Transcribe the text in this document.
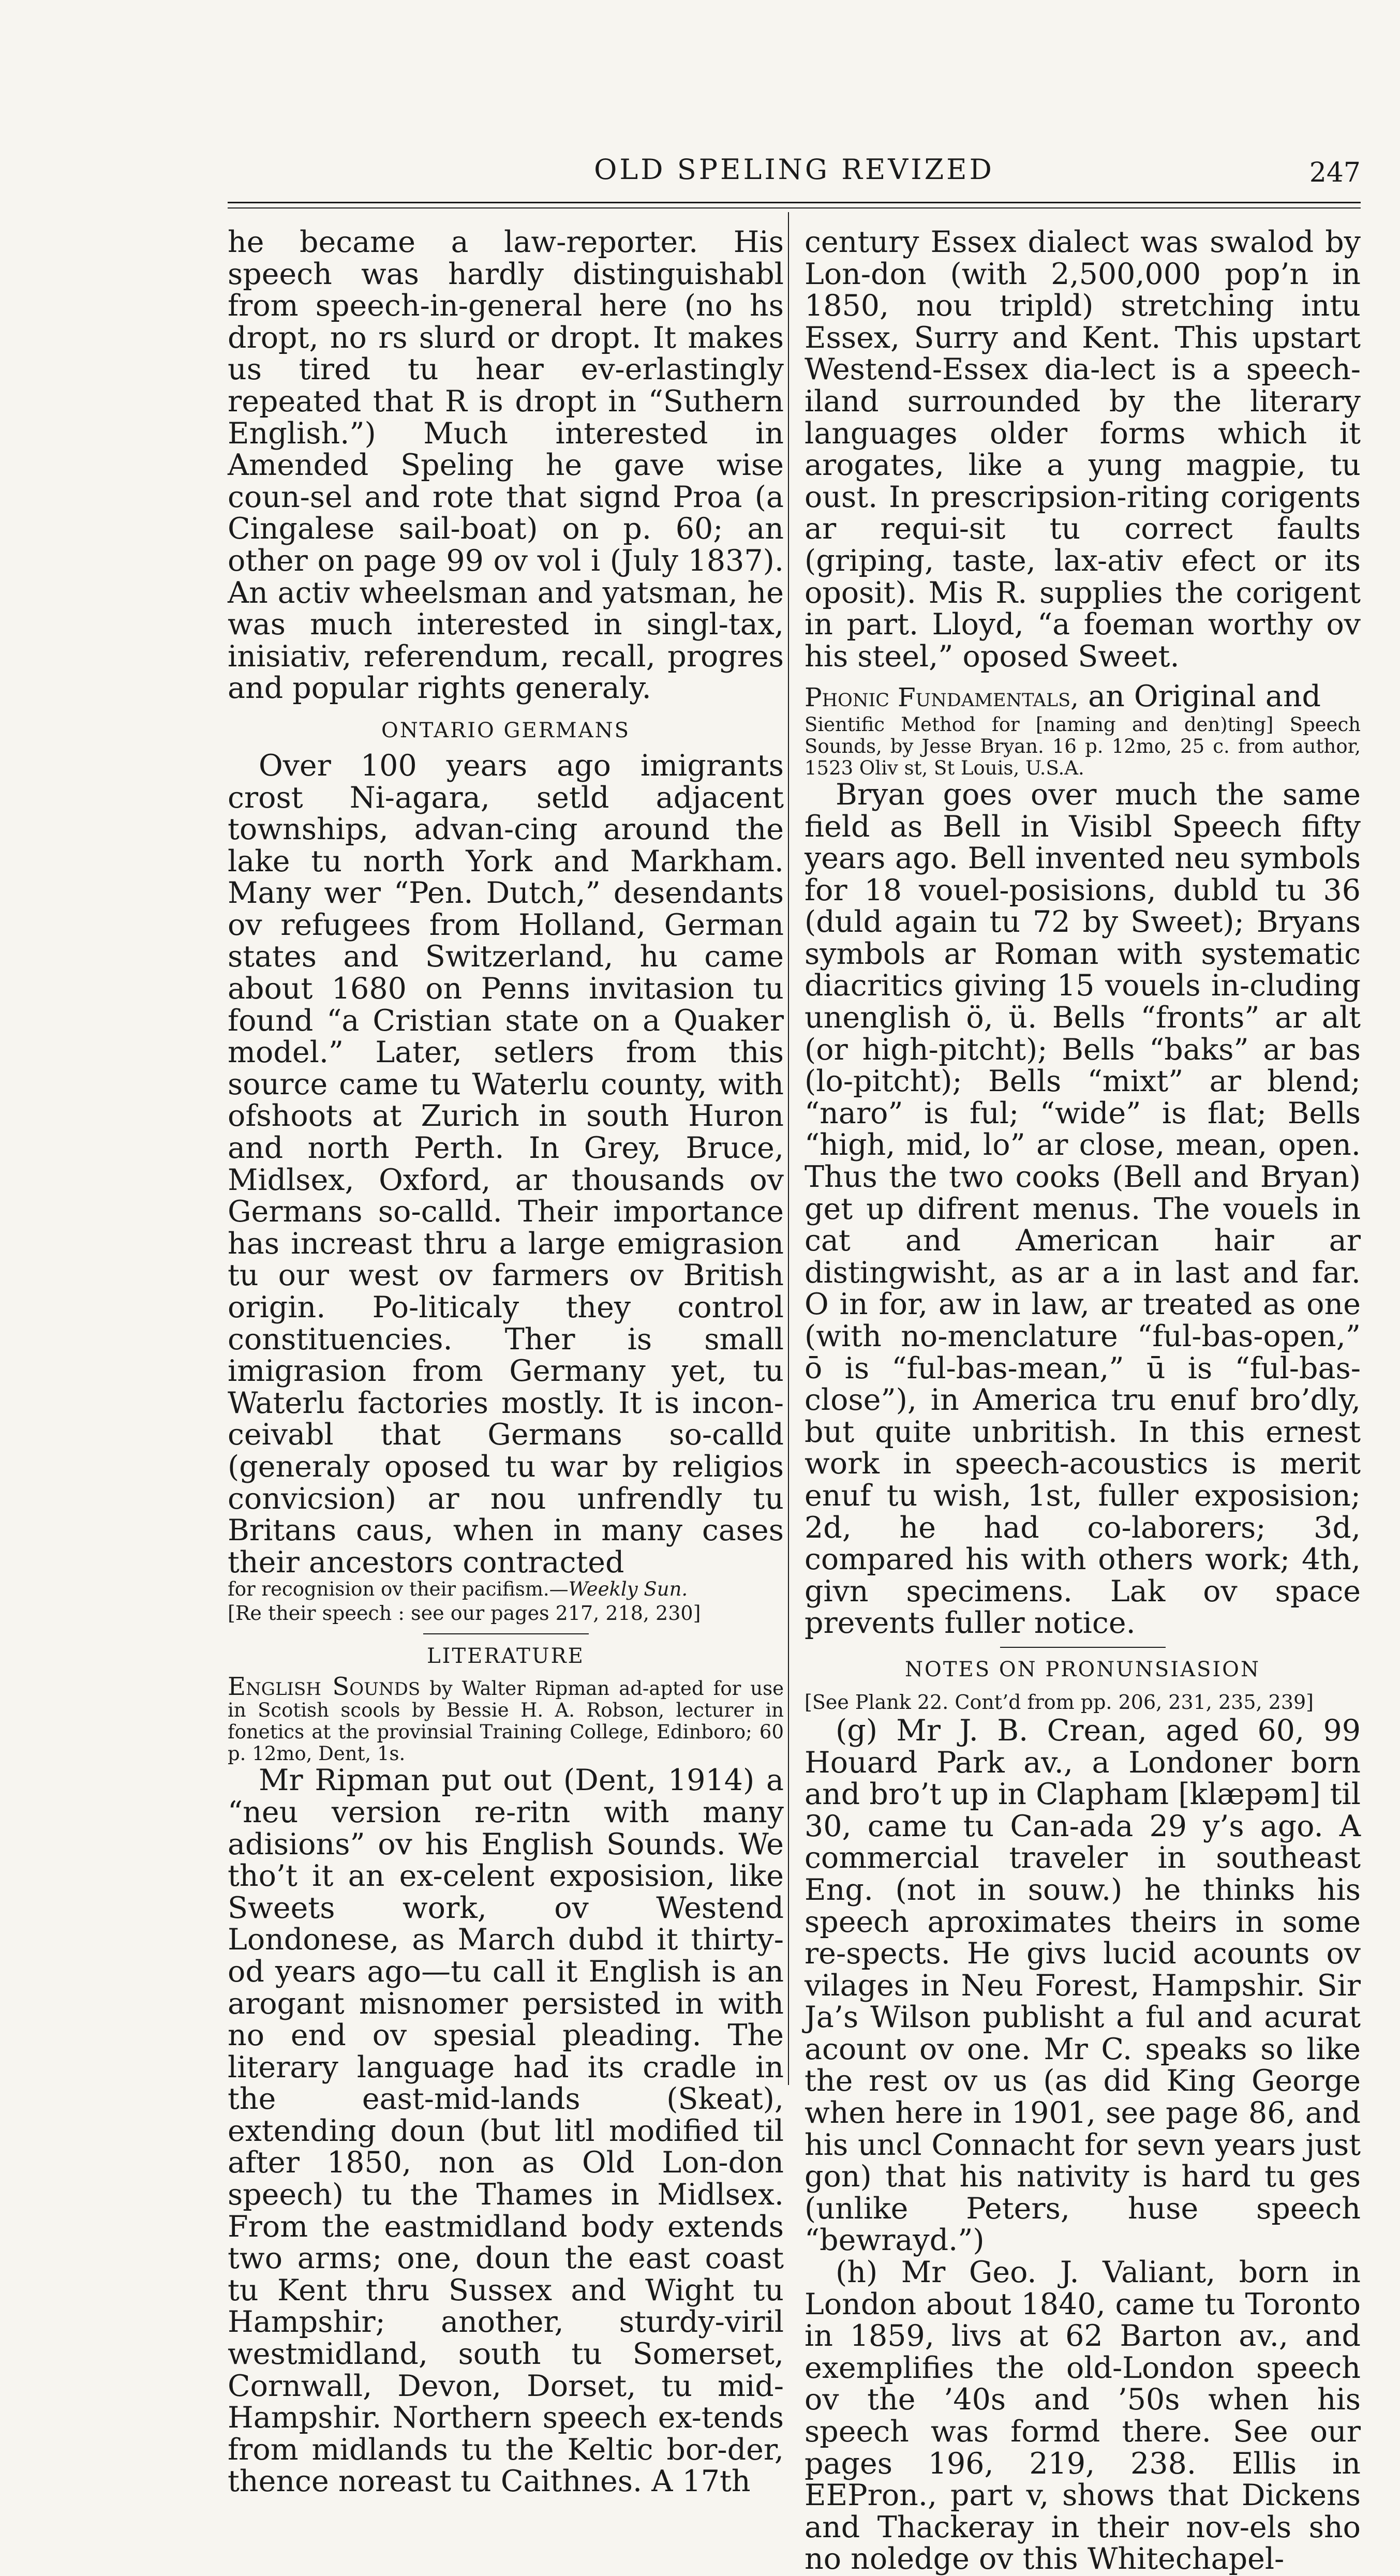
OLD SPELING REVIZED	247

he became a law-reporter. His speech was hardly distinguishabl from speech-in-general here (no hs dropt, no rs slurd or dropt. It makes us tired tu hear ev-erlastingly repeated that R is dropt in “Suthern English.”) Much interested in Amended Speling he gave wise coun-sel and rote that signd Proa (a Cingalese sail-boat) on p. 60; an other on page 99 ov vol i (July 1837). An activ wheelsman and yatsman, he was much interested in singl-tax, inisiativ, referendum, recall, progres and popular rights generaly.

ONTARIO GERMANS

Over 100 years ago imigrants crost Ni-agara, setld adjacent townships, advan-cing around the lake tu north York and Markham. Many wer “Pen. Dutch,” desendants ov refugees from Holland, German states and Switzerland, hu came about 1680 on Penns invitasion tu found “a Cristian state on a Quaker model.” Later, setlers from this source came tu Waterlu county, with ofshoots at Zurich in south Huron and north Perth. In Grey, Bruce, Midlsex, Oxford, ar thousands ov Germans so-calld. Their importance has increast thru a large emigrasion tu our west ov farmers ov British origin. Po-liticaly they control constituencies. Ther is small imigrasion from Germany yet, tu Waterlu factories mostly. It is incon-ceivabl that Germans so-calld (generaly oposed tu war by religios convicsion) ar nou unfrendly tu Britans caus, when in many cases their ancestors contracted

for recognision ov their pacifism.—Weekly Sun.

[Re their speech : see our pages 217, 218, 230]

LITERATURE

English Sounds by Walter Ripman ad-apted for use in Scotish scools by Bessie H. A. Robson, lecturer in fonetics at the provinsial Training College, Edinboro; 60 p. 12mo, Dent, 1s.

Mr Ripman put out (Dent, 1914) a “neu version re-ritn with many adisions” ov his English Sounds. We tho’t it an ex-celent exposision, like Sweets work, ov Westend Londonese, as March dubd it thirty-od years ago—tu call it English is an arogant misnomer persisted in with no end ov spesial pleading. The literary language had its cradle in the east-mid-lands (Skeat), extending doun (but litl modified til after 1850, non as Old Lon-don speech) tu the Thames in Midlsex. From the eastmidland body extends two arms; one, doun the east coast tu Kent thru Sussex and Wight tu Hampshir; another, sturdy-viril westmidland, south tu Somerset, Cornwall, Devon, Dorset, tu mid-Hampshir. Northern speech ex-tends from midlands tu the Keltic bor-der, thence noreast tu Caithnes. A 17th

century Essex dialect was swalod by Lon-don (with 2,500,000 pop’n in 1850, nou tripld) stretching intu Essex, Surry and Kent. This upstart Westend-Essex dia-lect is a speech-iland surrounded by the literary languages older forms which it arogates, like a yung magpie, tu oust. In prescripsion-riting corigents ar requi-sit tu correct faults (griping, taste, lax-ativ efect or its oposit). Mis R. supplies the corigent in part. Lloyd, “a foeman worthy ov his steel,” oposed Sweet.

Phonic Fundamentals, an Original and

Sientific Method for [naming and den)ting] Speech Sounds, by Jesse Bryan. 16 p. 12mo, 25 c. from author, 1523 Oliv st, St Louis, U.S.A.

Bryan goes over much the same field as Bell in Visibl Speech fifty years ago. Bell invented neu symbols for 18 vouel-posisions, dubld tu 36 (duld again tu 72 by Sweet); Bryans symbols ar Roman with systematic diacritics giving 15 vouels in-cluding unenglish ö, ü. Bells “fronts” ar alt (or high-pitcht); Bells “baks” ar bas (lo-pitcht); Bells “mixt” ar blend; “naro” is ful; “wide” is flat; Bells “high, mid, lo” ar close, mean, open. Thus the two cooks (Bell and Bryan) get up difrent menus. The vouels in cat and American hair ar distingwisht, as ar a in last and far. O in for, aw in law, ar treated as one (with no-menclature “ful-bas-open,” ō is “ful-bas-mean,” ū is “ful-bas-close”), in America tru enuf bro’dly, but quite unbritish. In this ernest work in speech-acoustics is merit enuf tu wish, 1st, fuller exposision; 2d, he had co-laborers; 3d, compared his with others work; 4th, givn specimens. Lak ov space prevents fuller notice.

NOTES ON PRONUNSIASION

[See Plank 22. Cont’d from pp. 206, 231, 235, 239]

(g) Mr J. B. Crean, aged 60, 99 Houard Park av., a Londoner born and bro’t up in Clapham [klæpəm] til 30, came tu Can-ada 29 y’s ago. A commercial traveler in southeast Eng. (not in souw.) he thinks his speech aproximates theirs in some re-spects. He givs lucid acounts ov vilages in Neu Forest, Hampshir. Sir Ja’s Wilson publisht a ful and acurat acount ov one. Mr C. speaks so like the rest ov us (as did King George when here in 1901, see page 86, and his uncl Connacht for sevn years just gon) that his nativity is hard tu ges (unlike Peters, huse speech “bewrayd.”)

(h) Mr Geo. J. Valiant, born in London about 1840, came tu Toronto in 1859, livs at 62 Barton av., and exemplifies the old-London speech ov the ’40s and ’50s when his speech was formd there. See our pages 196, 219, 238. Ellis in EEPron., part v, shows that Dickens and Thackeray in their nov-els sho no noledge ov this Whitechapel-
